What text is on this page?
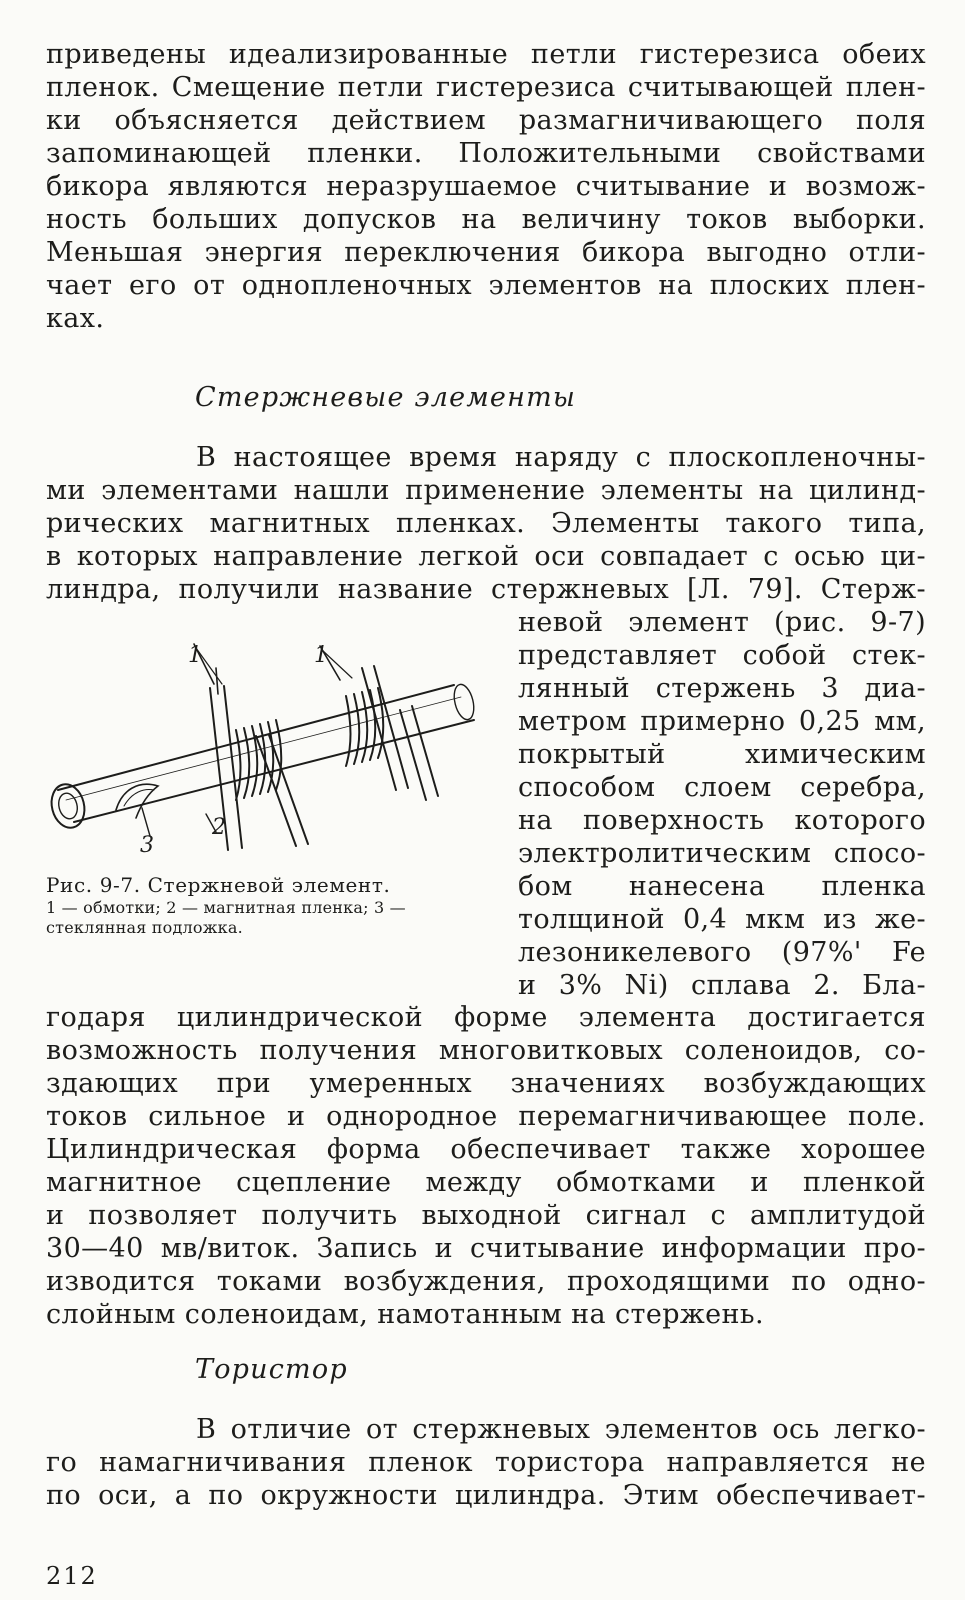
приведены идеализированные петли гистерезиса обеих
пленок. Смещение петли гистерезиса считывающей плен-
ки объясняется действием размагничивающего поля
запоминающей пленки. Положительными свойствами
бикора являются неразрушаемое считывание и возмож-
ность больших допусков на величину токов выборки.
Меньшая энергия переключения бикора выгодно отли-
чает его от однопленочных элементов на плоских плен-
ках.
Стержневые элементы
В настоящее время наряду с плоскопленочны-
ми элементами нашли применение элементы на цилинд-
рических магнитных пленках. Элементы такого типа,
в которых направление легкой оси совпадает с осью ци-
линдра, получили название стержневых [Л. 79]. Стерж-
невой элемент (рис. 9-7)
представляет собой стек-
лянный стержень 3 диа-
метром примерно 0,25 мм,
покрытый химическим
способом слоем серебра,
на поверхность которого
электролитическим спосо-
бом нанесена пленка
толщиной 0,4 мкм из же-
лезоникелевого (97%' Fe
и 3% Ni) сплава 2. Бла-
1	1
2
3
Рис. 9-7. Стержневой элемент.
1 — обмотки; 2 — магнитная пленка; 3 —
стеклянная подложка.
годаря цилиндрической форме элемента достигается
возможность получения многовитковых соленоидов, со-
здающих при умеренных значениях возбуждающих
токов сильное и однородное перемагничивающее поле.
Цилиндрическая форма обеспечивает также хорошее
магнитное сцепление между обмотками и пленкой
и позволяет получить выходной сигнал с амплитудой
30—40 мв/виток. Запись и считывание информации про-
изводится токами возбуждения, проходящими по одно-
слойным соленоидам, намотанным на стержень.
Тористор
В отличие от стержневых элементов ось легко-
го намагничивания пленок тористора направляется не
по оси, а по окружности цилиндра. Этим обеспечивает-
212
